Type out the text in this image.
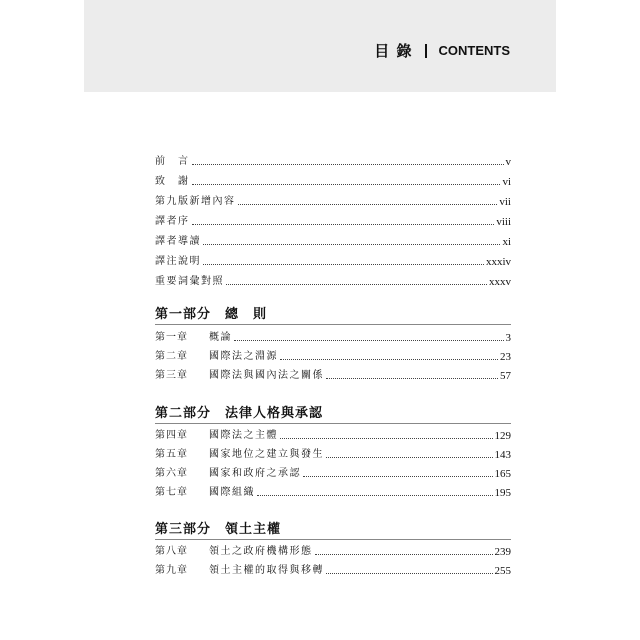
目 錄 CONTENTS
前　言	v
致　謝	vi
第九版新增內容	vii
譯者序	viii
譯者導讀	xi
譯注說明	xxxiv
重要詞彙對照	xxxv
第一部分 總　則
第一章	概論	3
第二章	國際法之淵源	23
第三章	國際法與國內法之關係	57
第二部分 法律人格與承認
第四章	國際法之主體	129
第五章	國家地位之建立與發生	143
第六章	國家和政府之承認	165
第七章	國際組織	195
第三部分 領土主權
第八章	領土之政府機構形態	239
第九章	領土主權的取得與移轉	255
